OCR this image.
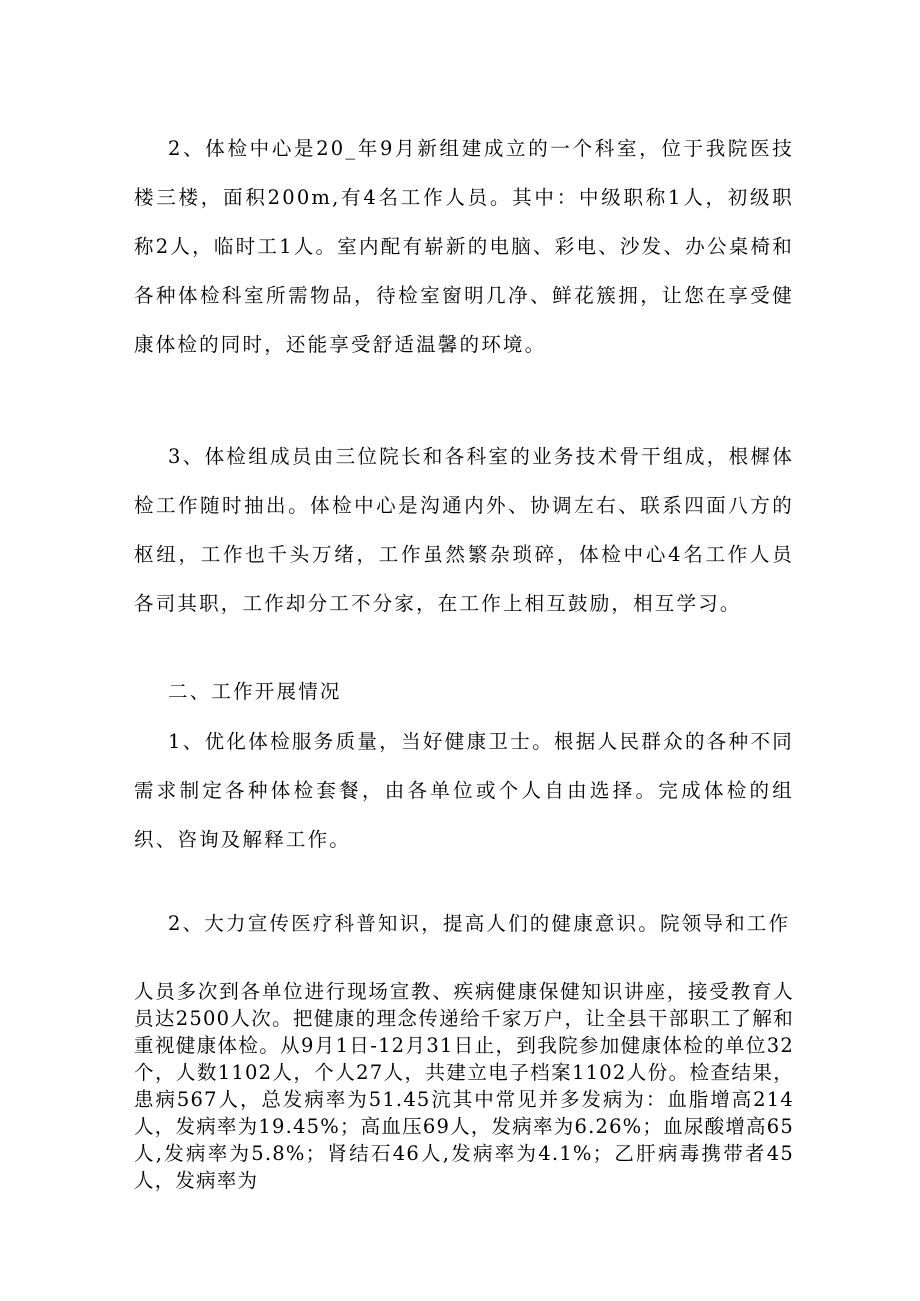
2、体检中心是20_年9月新组建成立的一个科室，位于我院医技楼三楼，面积200m,有4名工作人员。其中：中级职称1人，初级职称2人，临时工1人。室内配有崭新的电脑、彩电、沙发、办公桌椅和各种体检科室所需物品，待检室窗明几净、鲜花簇拥，让您在享受健康体检的同时，还能享受舒适温馨的环境。

3、体检组成员由三位院长和各科室的业务技术骨干组成，根樨体检工作随时抽出。体检中心是沟通内外、协调左右、联系四面八方的枢纽，工作也千头万绪，工作虽然繁杂琐碎，体检中心4名工作人员各司其职，工作却分工不分家，在工作上相互鼓励，相互学习。

二、工作开展情况

1、优化体检服务质量，当好健康卫士。根据人民群众的各种不同需求制定各种体检套餐，由各单位或个人自由选择。完成体检的组织、咨询及解释工作。

2、大力宣传医疗科普知识，提高人们的健康意识。院领导和工作

人员多次到各单位进行现场宣教、疾病健康保健知识讲座，接受教育人员达2500人次。把健康的理念传递给千家万户，让全县干部职工了解和重视健康体检。从9月1日-12月31日止，到我院参加健康体检的单位32个，人数1102人，个人27人，共建立电子档案1102人份。检查结果，患病567人，总发病率为51.45沆其中常见并多发病为：血脂增高214人，发病率为19.45%；高血压69人，发病率为6.26%；血尿酸增高65人,发病率为5.8%；肾结石46人,发病率为4.1%；乙肝病毒携带者45人，发病率为
